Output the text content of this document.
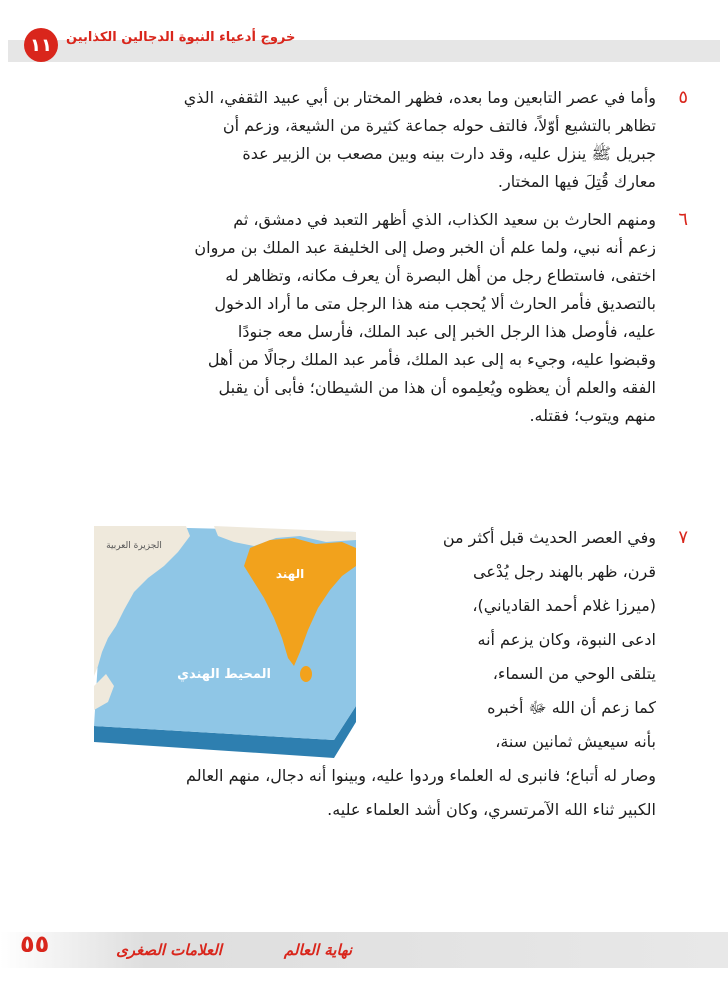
١١	خروج أدعياء النبوة الدجالين الكذابين
٥
وأما في عصر التابعين وما بعده، فظهر المختار بن أبي عبيد الثقفي، الذي
تظاهر بالتشيع أوّلاً، فالتف حوله جماعة كثيرة من الشيعة، وزعم أن
جبريل ﷺ ينزل عليه، وقد دارت بينه وبين مصعب بن الزبير عدة
معارك قُتِلَ فيها المختار.
٦
ومنهم الحارث بن سعيد الكذاب، الذي أظهر التعبد في دمشق، ثم
زعم أنه نبي، ولما علم أن الخبر وصل إلى الخليفة عبد الملك بن مروان
اختفى، فاستطاع رجل من أهل البصرة أن يعرف مكانه، وتظاهر له
بالتصديق فأمر الحارث ألا يُحجب منه هذا الرجل متى ما أراد الدخول
عليه، فأوصل هذا الرجل الخبر إلى عبد الملك، فأرسل معه جنودًا
وقبضوا عليه، وجيء به إلى عبد الملك، فأمر عبد الملك رجالًا من أهل
الفقه والعلم أن يعظوه ويُعلِموه أن هذا من الشيطان؛ فأبى أن يقبل
منهم ويتوب؛ فقتله.
٧
وفي العصر الحديث قبل أكثر من
قرن، ظهر بالهند رجل يُدْعى
(ميرزا غلام أحمد القادياني)،
ادعى النبوة، وكان يزعم أنه
يتلقى الوحي من السماء،
كما زعم أن الله ﷻ أخبره
بأنه سيعيش ثمانين سنة،
وصار له أتباع؛ فانبرى له العلماء وردوا عليه، وبينوا أنه دجال، منهم العالم
الكبير ثناء الله الآمرتسري، وكان أشد العلماء عليه.
الجزيرة العربية
الهند
المحيط الهندي
٥٥	العلامات الصغرى	نهاية العالم
